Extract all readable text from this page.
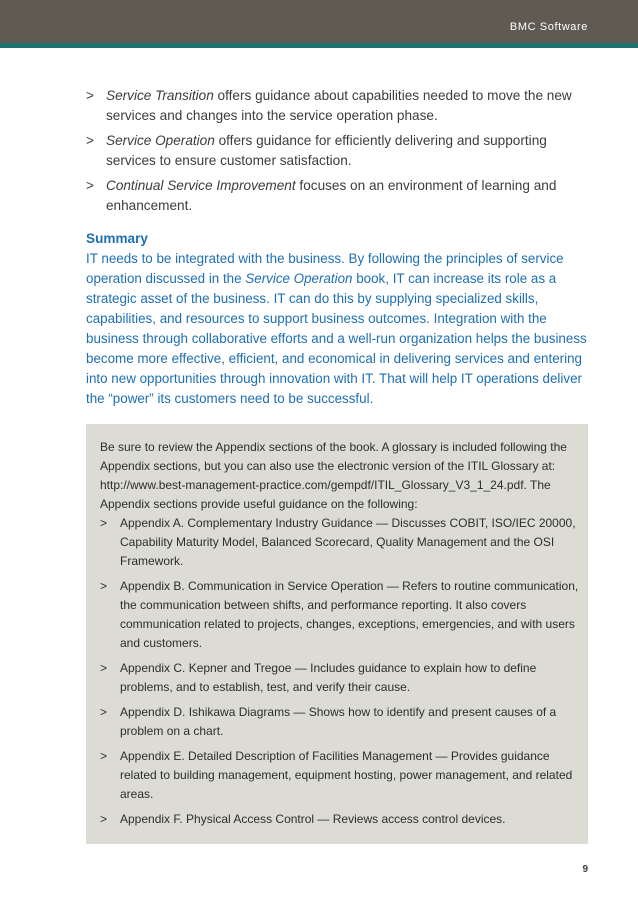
BMC Software
> Service Transition offers guidance about capabilities needed to move the new services and changes into the service operation phase.
> Service Operation offers guidance for efficiently delivering and supporting services to ensure customer satisfaction.
> Continual Service Improvement focuses on an environment of learning and enhancement.
Summary

IT needs to be integrated with the business. By following the principles of service operation discussed in the Service Operation book, IT can increase its role as a strategic asset of the business. IT can do this by supplying specialized skills, capabilities, and resources to support business outcomes. Integration with the business through collaborative efforts and a well-run organization helps the business become more effective, efficient, and economical in delivering services and entering into new opportunities through innovation with IT. That will help IT operations deliver the “power” its customers need to be successful.

Be sure to review the Appendix sections of the book. A glossary is included following the Appendix sections, but you can also use the electronic version of the ITIL Glossary at: http://www.best-management-practice.com/gempdf/ITIL_Glossary_V3_1_24.pdf. The Appendix sections provide useful guidance on the following:

> Appendix A. Complementary Industry Guidance — Discusses COBIT, ISO/IEC 20000, Capability Maturity Model, Balanced Scorecard, Quality Management and the OSI Framework.
> Appendix B. Communication in Service Operation — Refers to routine communication, the communication between shifts, and performance reporting. It also covers communication related to projects, changes, exceptions, emergencies, and with users and customers.
> Appendix C. Kepner and Tregoe — Includes guidance to explain how to define problems, and to establish, test, and verify their cause.
> Appendix D. Ishikawa Diagrams — Shows how to identify and present causes of a problem on a chart.
> Appendix E. Detailed Description of Facilities Management — Provides guidance related to building management, equipment hosting, power management, and related areas.
> Appendix F. Physical Access Control — Reviews access control devices.
9
